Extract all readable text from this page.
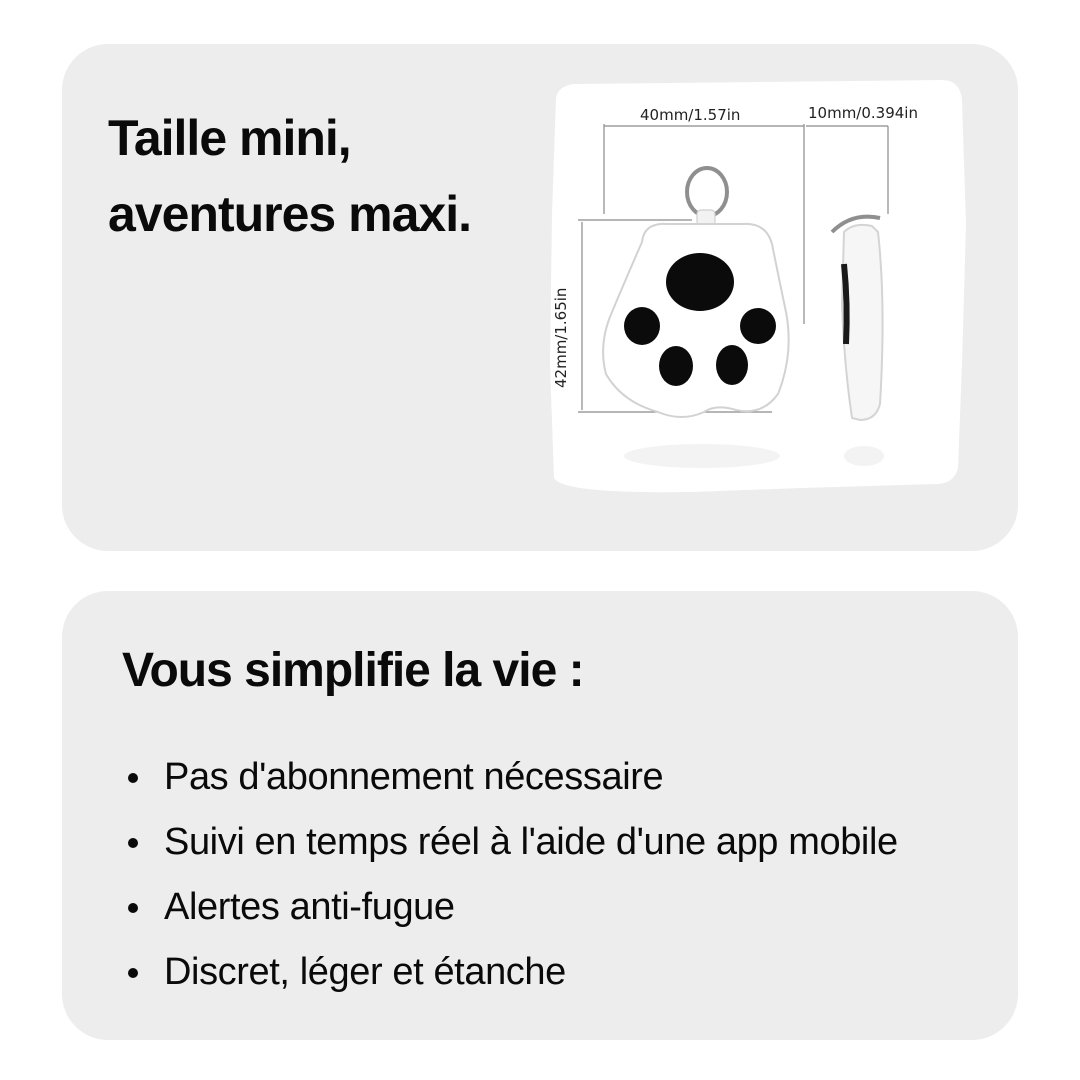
Taille mini,
aventures maxi.
40mm/1.57in	10mm/0.394in
42mm/1.65in
Vous simplifie la vie :
Pas d'abonnement nécessaire
Suivi en temps réel à l'aide d'une app mobile
Alertes anti-fugue
Discret, léger et étanche
